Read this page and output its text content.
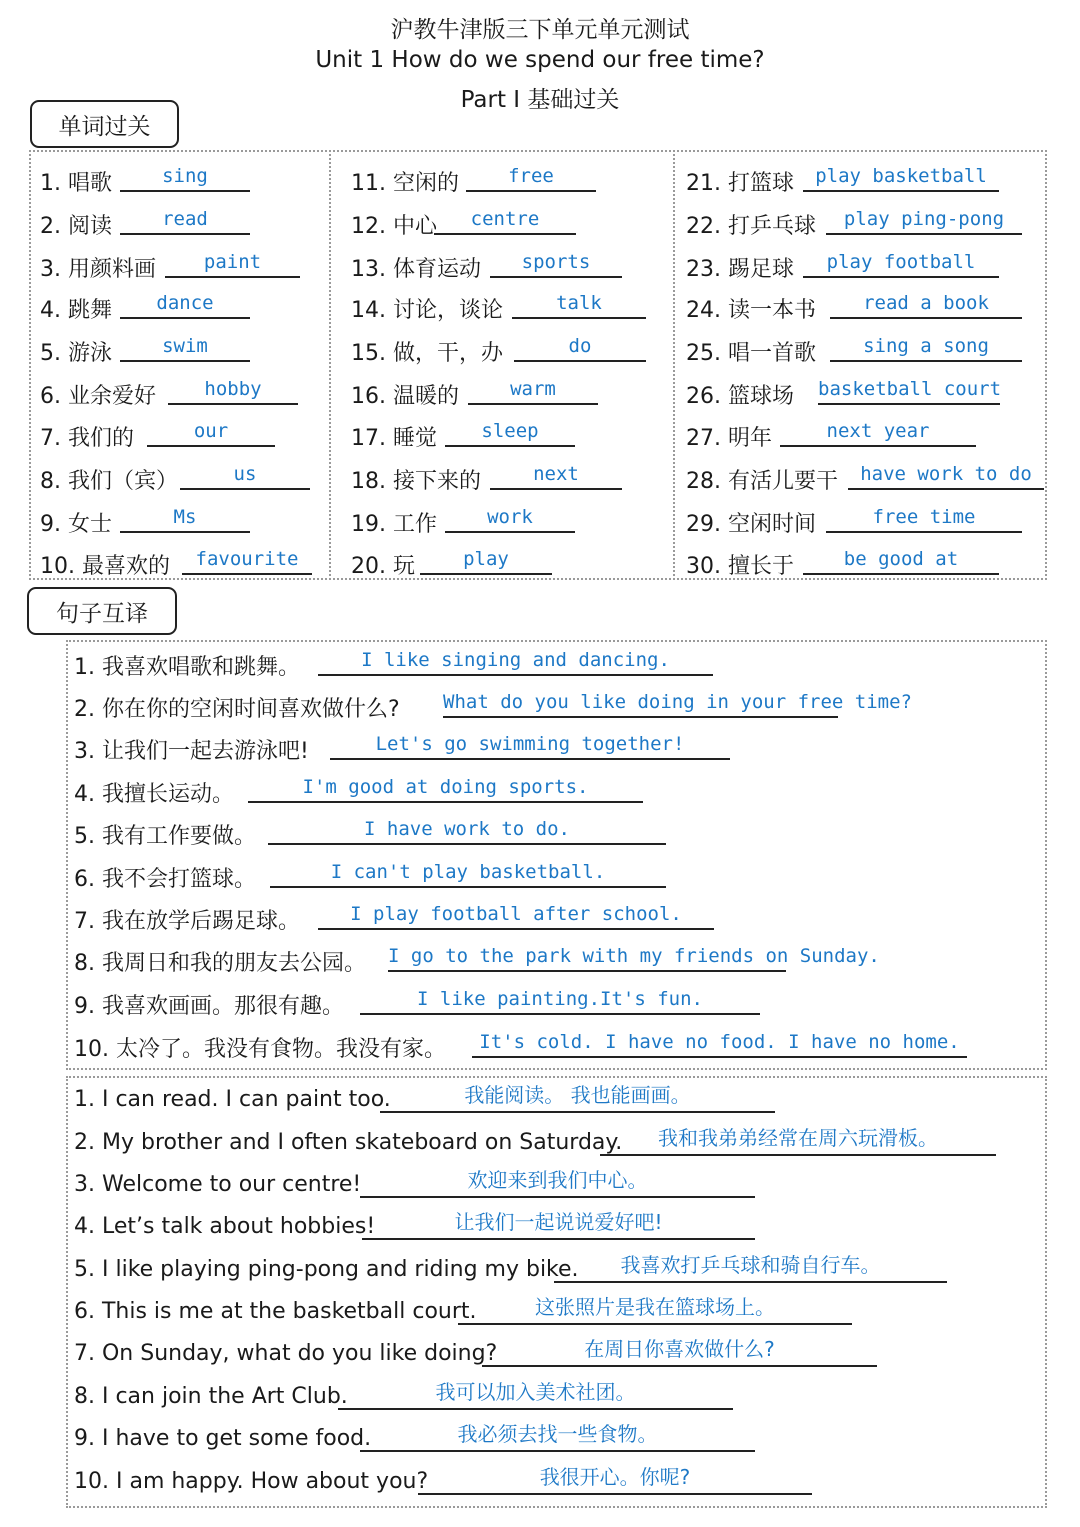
沪教牛津版三下单元单元测试
Unit 1 How do we spend our free time?
Part Ⅰ 基础过关
单词过关
句子互译
1. 唱歌	sing
2. 阅读	read
3. 用颜料画	paint
4. 跳舞	dance
5. 游泳	swim
6. 业余爱好	hobby
7. 我们的	our
8. 我们（宾）	us
9. 女士	Ms
10. 最喜欢的	favourite
11. 空闲的	free
12. 中心	centre
13. 体育运动	sports
14. 讨论，谈论	talk
15. 做，干，办	do
16. 温暖的	warm
17. 睡觉	sleep
18. 接下来的	next
19. 工作	work
20. 玩	play
21. 打篮球	play basketball
22. 打乒乓球	play ping-pong
23. 踢足球	play football
24. 读一本书	read a book
25. 唱一首歌	sing a song
26. 篮球场 basketball court
27. 明年	next year
28. 有活儿要干	have work to do
29. 空闲时间	free time
30. 擅长于	be good at
1. 我喜欢唱歌和跳舞。	I like singing and dancing.
2. 你在你的空闲时间喜欢做什么? What do you like doing in your free time?
3. 让我们一起去游泳吧!	Let's go swimming together!
4. 我擅长运动。	I'm good at doing sports.
5. 我有工作要做。	I have work to do.
6. 我不会打篮球。	I can't play basketball.
7. 我在放学后踢足球。	I play football after school.
8. 我周日和我的朋友去公园。 I go to the park with my friends on Sunday.
9. 我喜欢画画。那很有趣。	I like painting.It's fun.
10. 太冷了。我没有食物。我没有家。	It's cold. I have no food. I have no home.
1. I can read. I can paint too.	我能阅读。 我也能画画。
2. My brother and I often skateboard on Saturday.	我和我弟弟经常在周六玩滑板。
3. Welcome to our centre!	欢迎来到我们中心。
4. Let’s talk about hobbies!	让我们一起说说爱好吧!
5. I like playing ping-pong and riding my bike.	我喜欢打乒乓球和骑自行车。
6. This is me at the basketball court.	这张照片是我在篮球场上。
7. On Sunday, what do you like doing?	在周日你喜欢做什么?
8. I can join the Art Club.	我可以加入美术社团。
9. I have to get some food.	我必须去找一些食物。
10. I am happy. How about you?	我很开心。你呢?
